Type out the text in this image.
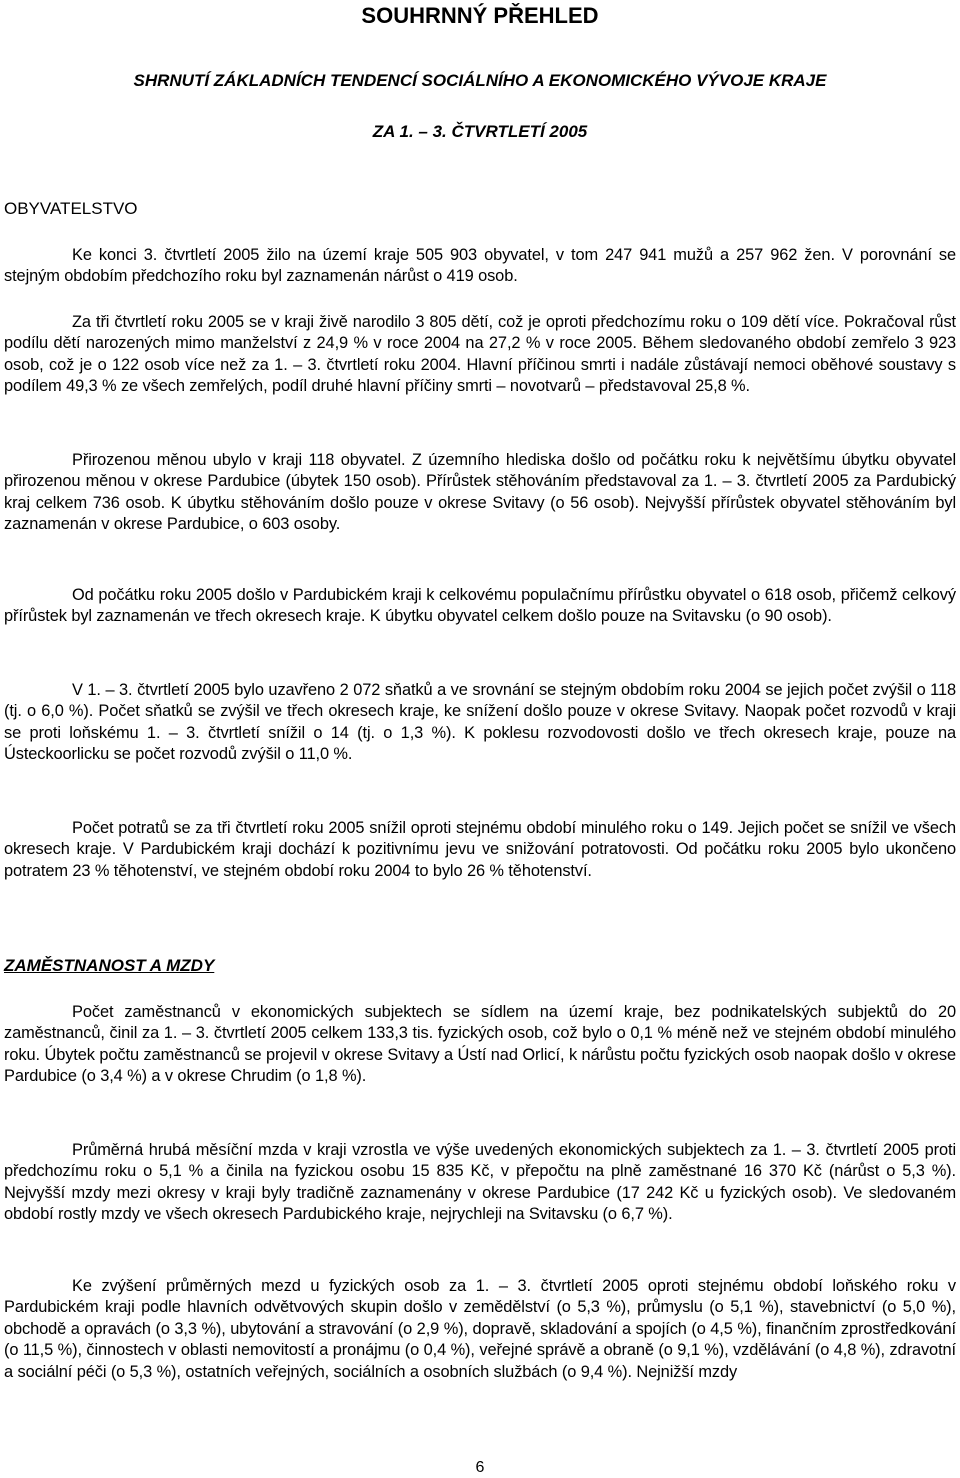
SOUHRNNÝ PŘEHLED
SHRNUTÍ ZÁKLADNÍCH TENDENCÍ SOCIÁLNÍHO A EKONOMICKÉHO VÝVOJE KRAJE
ZA 1. – 3. ČTVRTLETÍ 2005
OBYVATELSTVO

Ke konci 3. čtvrtletí 2005 žilo na území kraje 505 903 obyvatel, v tom 247 941 mužů a 257 962 žen. V porovnání se stejným obdobím předchozího roku byl zaznamenán nárůst o 419 osob.

Za tři čtvrtletí roku 2005 se v kraji živě narodilo 3 805 dětí, což je oproti předchozímu roku o 109 dětí více. Pokračoval růst podílu dětí narozených mimo manželství z 24,9 % v roce 2004 na 27,2 % v roce 2005. Během sledovaného období zemřelo 3 923 osob, což je o 122 osob více než za 1. – 3. čtvrtletí roku 2004. Hlavní příčinou smrti i nadále zůstávají nemoci oběhové soustavy s podílem 49,3 % ze všech zemřelých, podíl druhé hlavní příčiny smrti – novotvarů – představoval 25,8 %.

Přirozenou měnou ubylo v kraji 118 obyvatel. Z územního hlediska došlo od počátku roku k největšímu úbytku obyvatel přirozenou měnou v okrese Pardubice (úbytek 150 osob). Přírůstek stěhováním představoval za 1. – 3. čtvrtletí 2005 za Pardubický kraj celkem 736 osob. K úbytku stěhováním došlo pouze v okrese Svitavy (o 56 osob). Nejvyšší přírůstek obyvatel stěhováním byl zaznamenán v okrese Pardubice, o 603 osoby.

Od počátku roku 2005 došlo v Pardubickém kraji k celkovému populačnímu přírůstku obyvatel o 618 osob, přičemž celkový přírůstek byl zaznamenán ve třech okresech kraje. K úbytku obyvatel celkem došlo pouze na Svitavsku (o 90 osob).

V 1. – 3. čtvrtletí 2005 bylo uzavřeno 2 072 sňatků a ve srovnání se stejným obdobím roku 2004 se jejich počet zvýšil o 118 (tj. o 6,0 %). Počet sňatků se zvýšil ve třech okresech kraje, ke snížení došlo pouze v okrese Svitavy. Naopak počet rozvodů v kraji se proti loňskému 1. – 3. čtvrtletí snížil o 14 (tj. o 1,3 %). K poklesu rozvodovosti došlo ve třech okresech kraje, pouze na Ústeckoorlicku se počet rozvodů zvýšil o 11,0 %.

Počet potratů se za tři čtvrtletí roku 2005 snížil oproti stejnému období minulého roku o 149. Jejich počet se snížil ve všech okresech kraje. V Pardubickém kraji dochází k pozitivnímu jevu ve snižování potratovosti. Od počátku roku 2005 bylo ukončeno potratem 23 % těhotenství, ve stejném období roku 2004 to bylo 26 % těhotenství.

ZAMĚSTNANOST A MZDY

Počet zaměstnanců v ekonomických subjektech se sídlem na území kraje, bez podnikatelských subjektů do 20 zaměstnanců, činil za 1. – 3. čtvrtletí 2005 celkem 133,3 tis. fyzických osob, což bylo o 0,1 % méně než ve stejném období minulého roku. Úbytek počtu zaměstnanců se projevil v okrese Svitavy a Ústí nad Orlicí, k nárůstu počtu fyzických osob naopak došlo v okrese Pardubice (o 3,4 %) a v okrese Chrudim (o 1,8 %).

Průměrná hrubá měsíční mzda v kraji vzrostla ve výše uvedených ekonomických subjektech za 1. – 3. čtvrtletí 2005 proti předchozímu roku o 5,1 % a činila na fyzickou osobu 15 835 Kč, v přepočtu na plně zaměstnané 16 370 Kč (nárůst o 5,3 %). Nejvyšší mzdy mezi okresy v kraji byly tradičně zaznamenány v okrese Pardubice (17 242 Kč u fyzických osob). Ve sledovaném období rostly mzdy ve všech okresech Pardubického kraje, nejrychleji na Svitavsku (o 6,7 %).

Ke zvýšení průměrných mezd u fyzických osob za 1. – 3. čtvrtletí 2005 oproti stejnému období loňského roku v Pardubickém kraji podle hlavních odvětvových skupin došlo v zemědělství (o 5,3 %), průmyslu (o 5,1 %), stavebnictví (o 5,0 %), obchodě a opravách (o 3,3 %), ubytování a stravování (o 2,9 %), dopravě, skladování a spojích (o 4,5 %), finančním zprostředkování (o 11,5 %), činnostech v oblasti nemovitostí a pronájmu (o 0,4 %), veřejné správě a obraně (o 9,1 %), vzdělávání (o 4,8 %), zdravotní a sociální péči (o 5,3 %), ostatních veřejných, sociálních a osobních službách (o 9,4 %). Nejnižší mzdy

6
